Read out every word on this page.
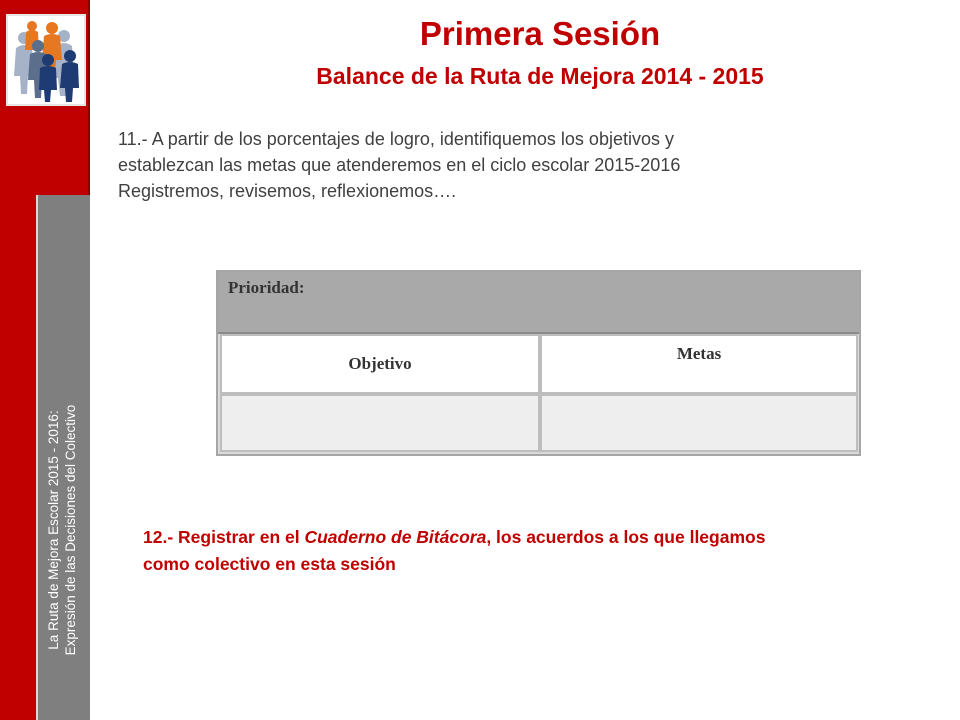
La Ruta de Mejora Escolar 2015 - 2016: Expresión de las Decisiones del Colectivo
Primera Sesión
Balance de la Ruta de Mejora 2014 - 2015

11.- A partir de los porcentajes de logro, identifiquemos los objetivos y
establezcan las metas que atenderemos en el ciclo escolar 2015-2016
Registremos, revisemos, reflexionemos….

Prioridad:
Objetivo
Metas

12.- Registrar en el Cuaderno de Bitácora, los acuerdos a los que llegamos
como colectivo en esta sesión
